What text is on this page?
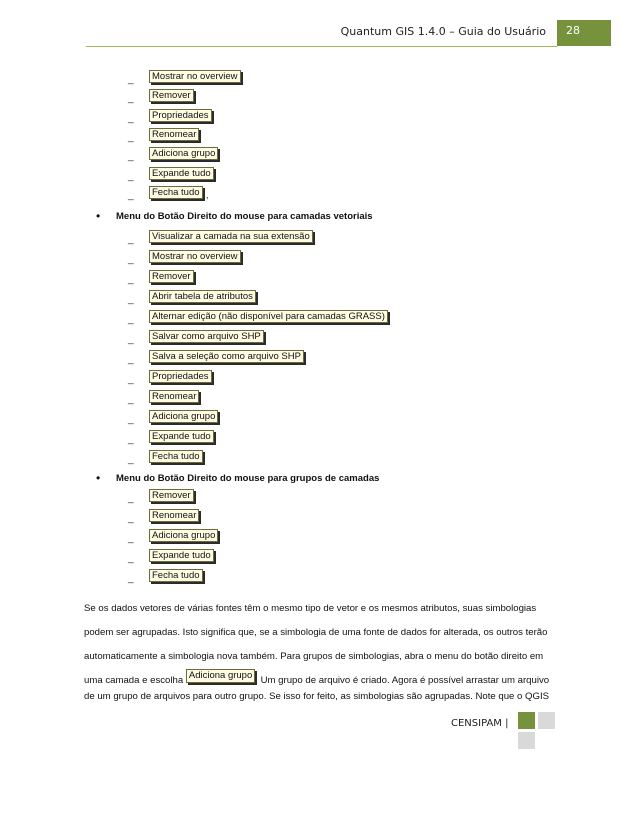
Quantum GIS 1.4.0 – Guia do Usuário	28
_	Mostrar no overview
_	Remover
_	Propriedades
_	Renomear
_	Adiciona grupo
_	Expande tudo
_	Fecha tudo ,
• Menu do Botão Direito do mouse para camadas vetoriais
_	Visualizar a camada na sua extensão
_	Mostrar no overview
_	Remover
_	Abrir tabela de atributos
_	Alternar edição (não disponível para camadas GRASS)
_	Salvar como arquivo SHP
_	Salva a seleção como arquivo SHP
_	Propriedades
_	Renomear
_	Adiciona grupo
_	Expande tudo
_	Fecha tudo
• Menu do Botão Direito do mouse para grupos de camadas
_	Remover
_	Renomear
_	Adiciona grupo
_	Expande tudo
_	Fecha tudo
Se os dados vetores de várias fontes têm o mesmo tipo de vetor e os mesmos atributos, suas simbologias
podem ser agrupadas. Isto significa que, se a simbologia de uma fonte de dados for alterada, os outros terão
automaticamente a simbologia nova também. Para grupos de simbologias, abra o menu do botão direito em
uma camada e escolha Adiciona grupo . Um grupo de arquivo é criado. Agora é possível arrastar um arquivo
de um grupo de arquivos para outro grupo. Se isso for feito, as simbologias são agrupadas. Note que o QGIS
CENSIPAM |
